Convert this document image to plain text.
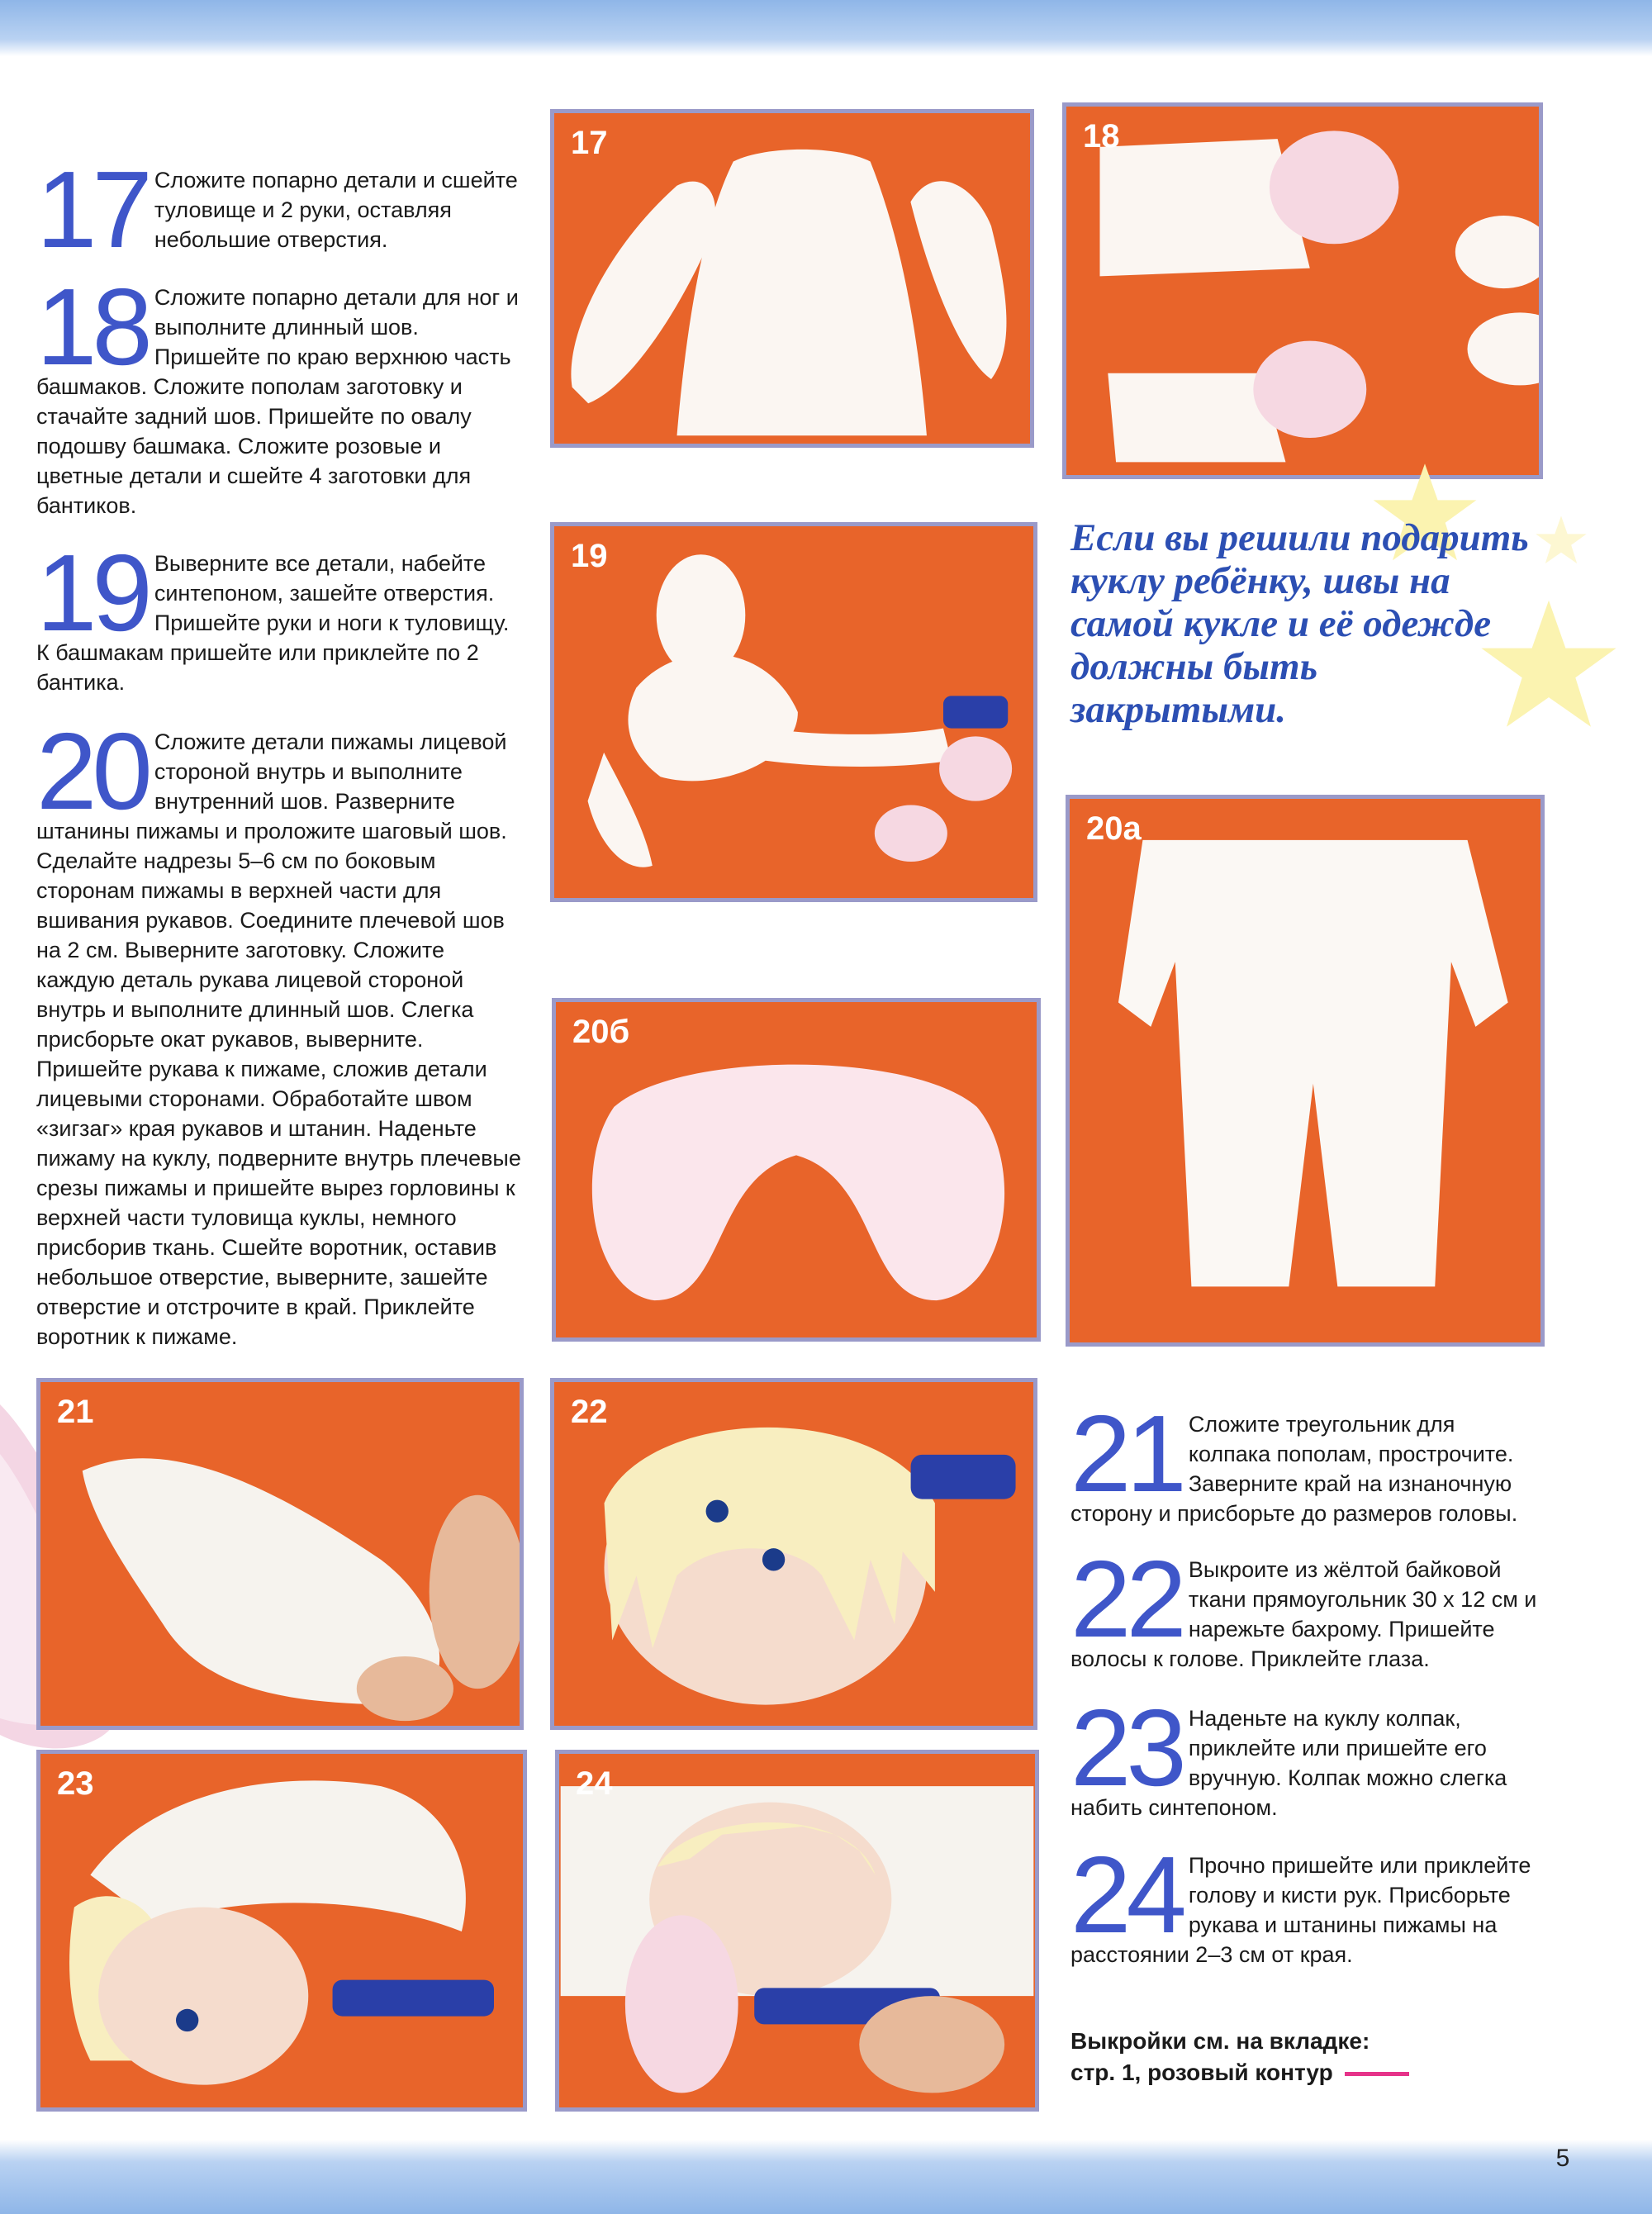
17 Сложите попарно детали и сшейте туловище и 2 руки, оставляя небольшие отверстия.
18 Сложите попарно детали для ног и выполните длинный шов. Пришейте по краю верхнюю часть башмаков. Сложите пополам заготовку и стачайте задний шов. Пришейте по овалу подошву башмака. Сложите розовые и цветные детали и сшейте 4 заготовки для бантиков.
19 Выверните все детали, набейте синтепоном, зашейте отверстия. Пришейте руки и ноги к туловищу. К башмакам пришейте или приклейте по 2 бантика.
20 Сложите детали пижамы лицевой стороной внутрь и выполните внутренний шов. Разверните штанины пижамы и проложите шаговый шов. Сделайте надрезы 5–6 см по боковым сторонам пижамы в верхней части для вшивания рукавов. Соедините плечевой шов на 2 см. Выверните заготовку. Сложите каждую деталь рукава лицевой стороной внутрь и выполните длинный шов. Слегка присборьте окат рукавов, выверните. Пришейте рукава к пижаме, сложив детали лицевыми сторонами. Обработайте швом «зигзаг» края рукавов и штанин. Наденьте пижаму на куклу, подверните внутрь плечевые срезы пижамы и пришейте вырез горловины к верхней части туловища куклы, немного присборив ткань. Сшейте воротник, оставив небольшое отверстие, выверните, зашейте отверстие и отстрочите в край. Приклейте воротник к пижаме.
17	18
Если вы решили подарить куклу ребёнку, швы на самой кукле и её одежде должны быть закрытыми.
19
20а
20б
21	22
23	24
21 Сложите треугольник для колпака пополам, прострочите. Заверните край на изнаночную сторону и присборьте до размеров головы.
22 Выкроите из жёлтой байковой ткани прямоугольник 30 х 12 см и нарежьте бахрому. Пришейте волосы к голове. Приклейте глаза.
23 Наденьте на куклу колпак, приклейте или пришейте его вручную. Колпак можно слегка набить синтепоном.
24 Прочно пришейте или приклейте голову и кисти рук. Присборьте рукава и штанины пижамы на расстоянии 2–3 см от края.
Выкройки см. на вкладке:
стр. 1, розовый контур
5
